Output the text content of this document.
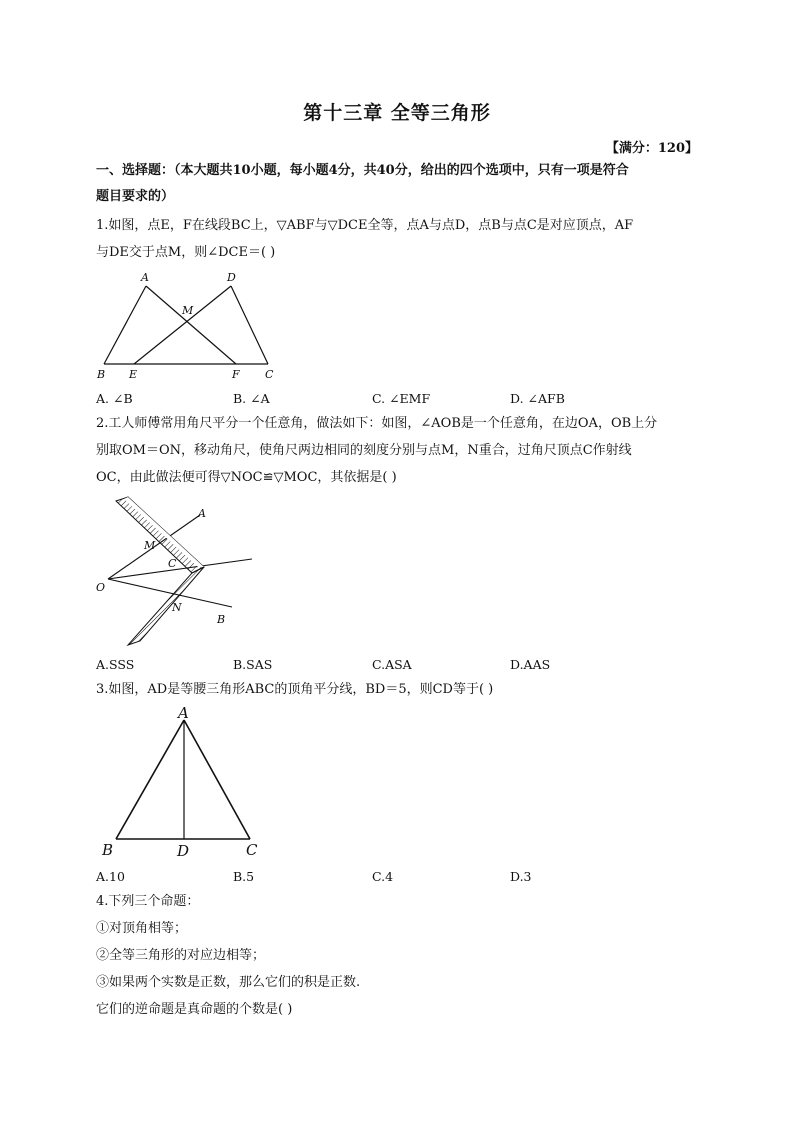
第十三章 全等三角形
【满分：120】
一、选择题：（本大题共10小题，每小题4分，共40分，给出的四个选项中，只有一项是符合
题目要求的）
1.如图，点E，F在线段BC上，▽ABF与▽DCE全等，点A与点D，点B与点C是对应顶点，AF
与DE交于点M，则∠DCE＝( )
A	D
M
B E	F C
A. ∠B	B. ∠A	C. ∠EMF	D. ∠AFB
2.工人师傅常用角尺平分一个任意角，做法如下：如图，∠AOB是一个任意角，在边OA，OB上分
别取OM＝ON，移动角尺，使角尺两边相同的刻度分别与点M，N重合，过角尺顶点C作射线
OC，由此做法便可得▽NOC≌▽MOC，其依据是( )
A
M
C
O
N
B
A.SSS	B.SAS	C.ASA	D.AAS
3.如图，AD是等腰三角形ABC的顶角平分线，BD＝5，则CD等于( )
A
B	D	C
A.10	B.5	C.4	D.3
4.下列三个命题：
①对顶角相等；
②全等三角形的对应边相等；
③如果两个实数是正数，那么它们的积是正数.
它们的逆命题是真命题的个数是( )
